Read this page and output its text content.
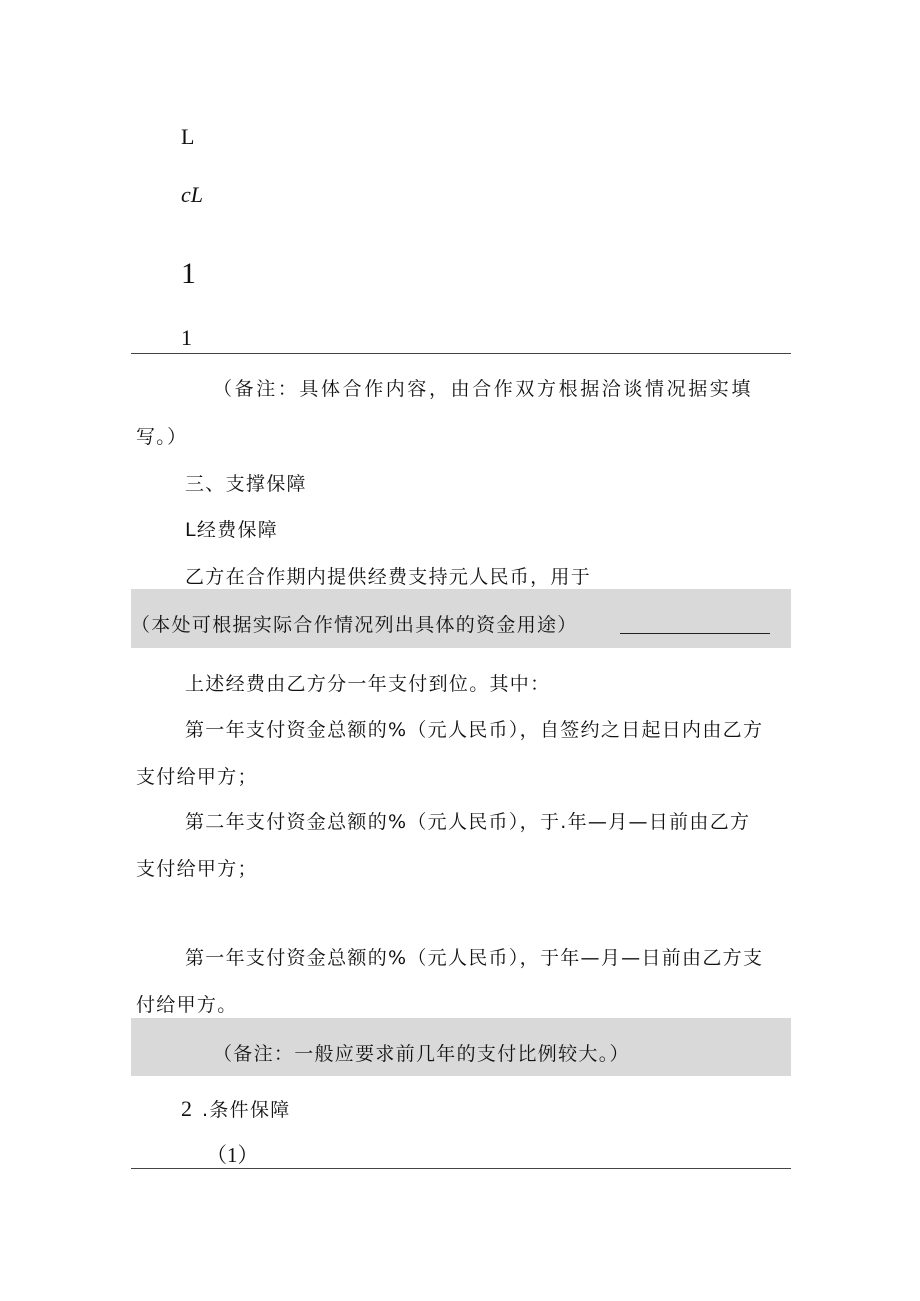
L
cL
1
1
（备注：具体合作内容，由合作双方根据洽谈情况据实填
写。）
三、支撑保障
L经费保障
乙方在合作期内提供经费支持元人民币，用于
（本处可根据实际合作情况列出具体的资金用途）
上述经费由乙方分一年支付到位。其中：
第一年支付资金总额的%（元人民币），自签约之日起日内由乙方
支付给甲方；
第二年支付资金总额的%（元人民币），于.年—月—日前由乙方
支付给甲方；
第一年支付资金总额的%（元人民币），于年—月—日前由乙方支
付给甲方。
（备注：一般应要求前几年的支付比例较大。）
2 .条件保障
（1）
